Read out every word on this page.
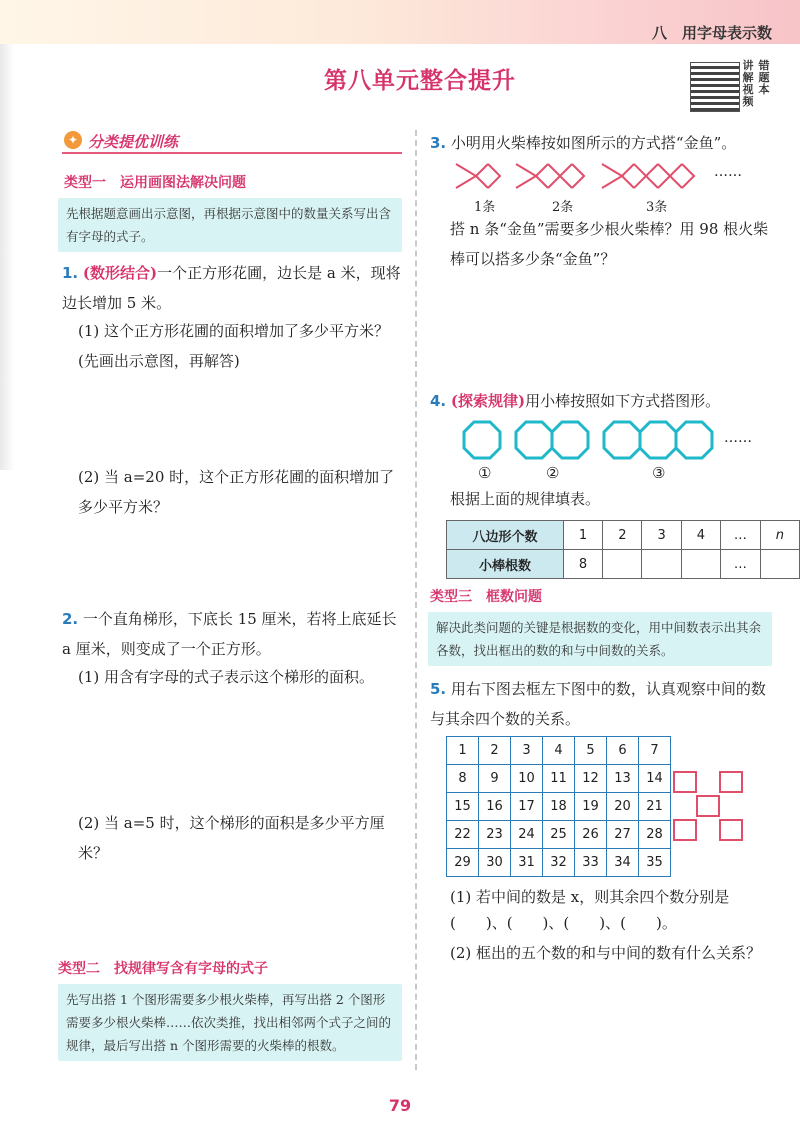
八　用字母表示数
第八单元整合提升
讲解视频
错题本
✦ 分类提优训练
类型一　运用画图法解决问题
先根据题意画出示意图，再根据示意图中的数量关系写出含有字母的式子。
1. (数形结合)一个正方形花圃，边长是 a 米，现将边长增加 5 米。
(1) 这个正方形花圃的面积增加了多少平方米？(先画出示意图，再解答)
(2) 当 a=20 时，这个正方形花圃的面积增加了多少平方米？
2. 一个直角梯形，下底长 15 厘米，若将上底延长 a 厘米，则变成了一个正方形。
(1) 用含有字母的式子表示这个梯形的面积。
(2) 当 a=5 时，这个梯形的面积是多少平方厘米？
类型二　找规律写含有字母的式子
先写出搭 1 个图形需要多少根火柴棒，再写出搭 2 个图形需要多少根火柴棒……依次类推，找出相邻两个式子之间的规律，最后写出搭 n 个图形需要的火柴棒的根数。
3. 小明用火柴棒按如图所示的方式搭“金鱼”。
……
1条	2条	3条
搭 n 条“金鱼”需要多少根火柴棒？用 98 根火柴棒可以搭多少条“金鱼”？
4. (探索规律)用小棒按照如下方式搭图形。
……
①	②	③
根据上面的规律填表。
八边形个数	1	2	3	4	…	n
小棒根数	8				…	
类型三　框数问题
解决此类问题的关键是根据数的变化，用中间数表示出其余各数，找出框出的数的和与中间数的关系。
5. 用右下图去框左下图中的数，认真观察中间的数与其余四个数的关系。
1	2	3	4	5	6	7
8	9	10	11	12	13	14
15	16	17	18	19	20	21
22	23	24	25	26	27	28
29	30	31	32	33	34	35
(1) 若中间的数是 x，则其余四个数分别是
(　　)、(　　)、(　　)、(　　)。
(2) 框出的五个数的和与中间的数有什么关系？
79
